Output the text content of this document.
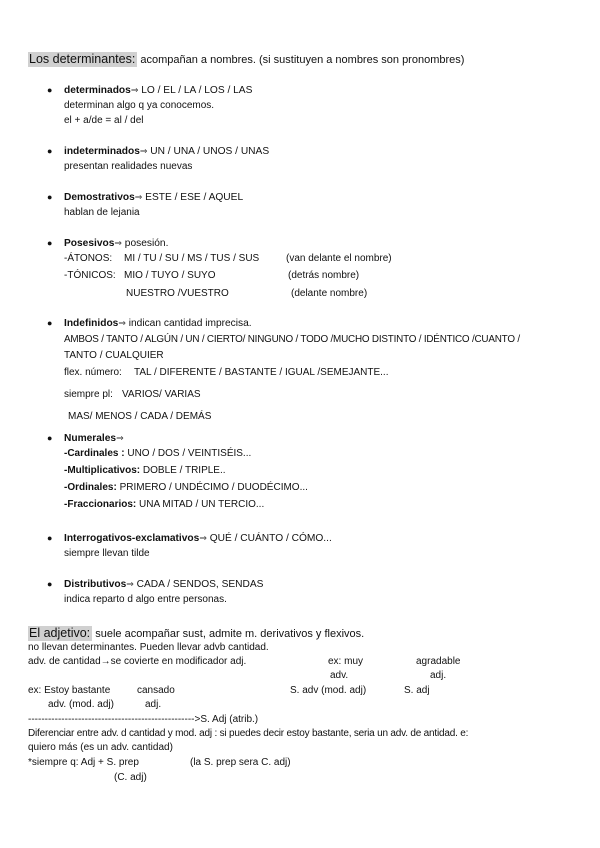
Los determinantes: acompañan a nombres. (si sustituyen a nombres son pronombres)
● determinados⇒ LO / EL / LA / LOS / LAS
determinan algo q ya conocemos.
el + a/de = al / del
● indeterminados⇒ UN / UNA / UNOS / UNAS
presentan realidades nuevas
● Demostrativos⇒ ESTE / ESE / AQUEL
hablan de lejania
● Posesivos⇒ posesión.
-ÁTONOS: MI / TU / SU / MS / TUS / SUS	(van delante el nombre)
-TÓNICOS: MIO / TUYO / SUYO	(detrás nombre)
NUESTRO /VUESTRO	(delante nombre)
● Indefinidos⇒ indican cantidad imprecisa.
AMBOS / TANTO / ALGÚN / UN / CIERTO/ NINGUNO / TODO /MUCHO DISTINTO / IDÉNTICO /CUANTO /
TANTO / CUALQUIER
flex. número: TAL / DIFERENTE / BASTANTE / IGUAL /SEMEJANTE...
siempre pl: VARIOS/ VARIAS
MAS/ MENOS / CADA / DEMÁS
● Numerales⇒
-Cardinales : UNO / DOS / VEINTISÉIS...
-Multiplicativos: DOBLE / TRIPLE..
-Ordinales: PRIMERO / UNDÉCIMO / DUODÉCIMO...
-Fraccionarios: UNA MITAD / UN TERCIO...
● Interrogativos-exclamativos⇒ QUÉ / CUÁNTO / CÓMO...
siempre llevan tilde
● Distributivos⇒ CADA / SENDOS, SENDAS
indica reparto d algo entre personas.
El adjetivo: suele acompañar sust, admite m. derivativos y flexivos.
no llevan determinantes. Pueden llevar advb cantidad.
adv. de cantidad→se covierte en modificador adj.	ex: muy	agradable
adv.	adj.
ex: Estoy bastante	cansado	S. adv (mod. adj)	S. adj
adv. (mod. adj)	adj.
-------------------------------------------------->S. Adj (atrib.)
Diferenciar entre adv. d cantidad y mod. adj : si puedes decir estoy bastante, seria un adv. de antidad. e:
quiero más (es un adv. cantidad)
*siempre q: Adj + S. prep	(la S. prep sera C. adj)
(C. adj)
